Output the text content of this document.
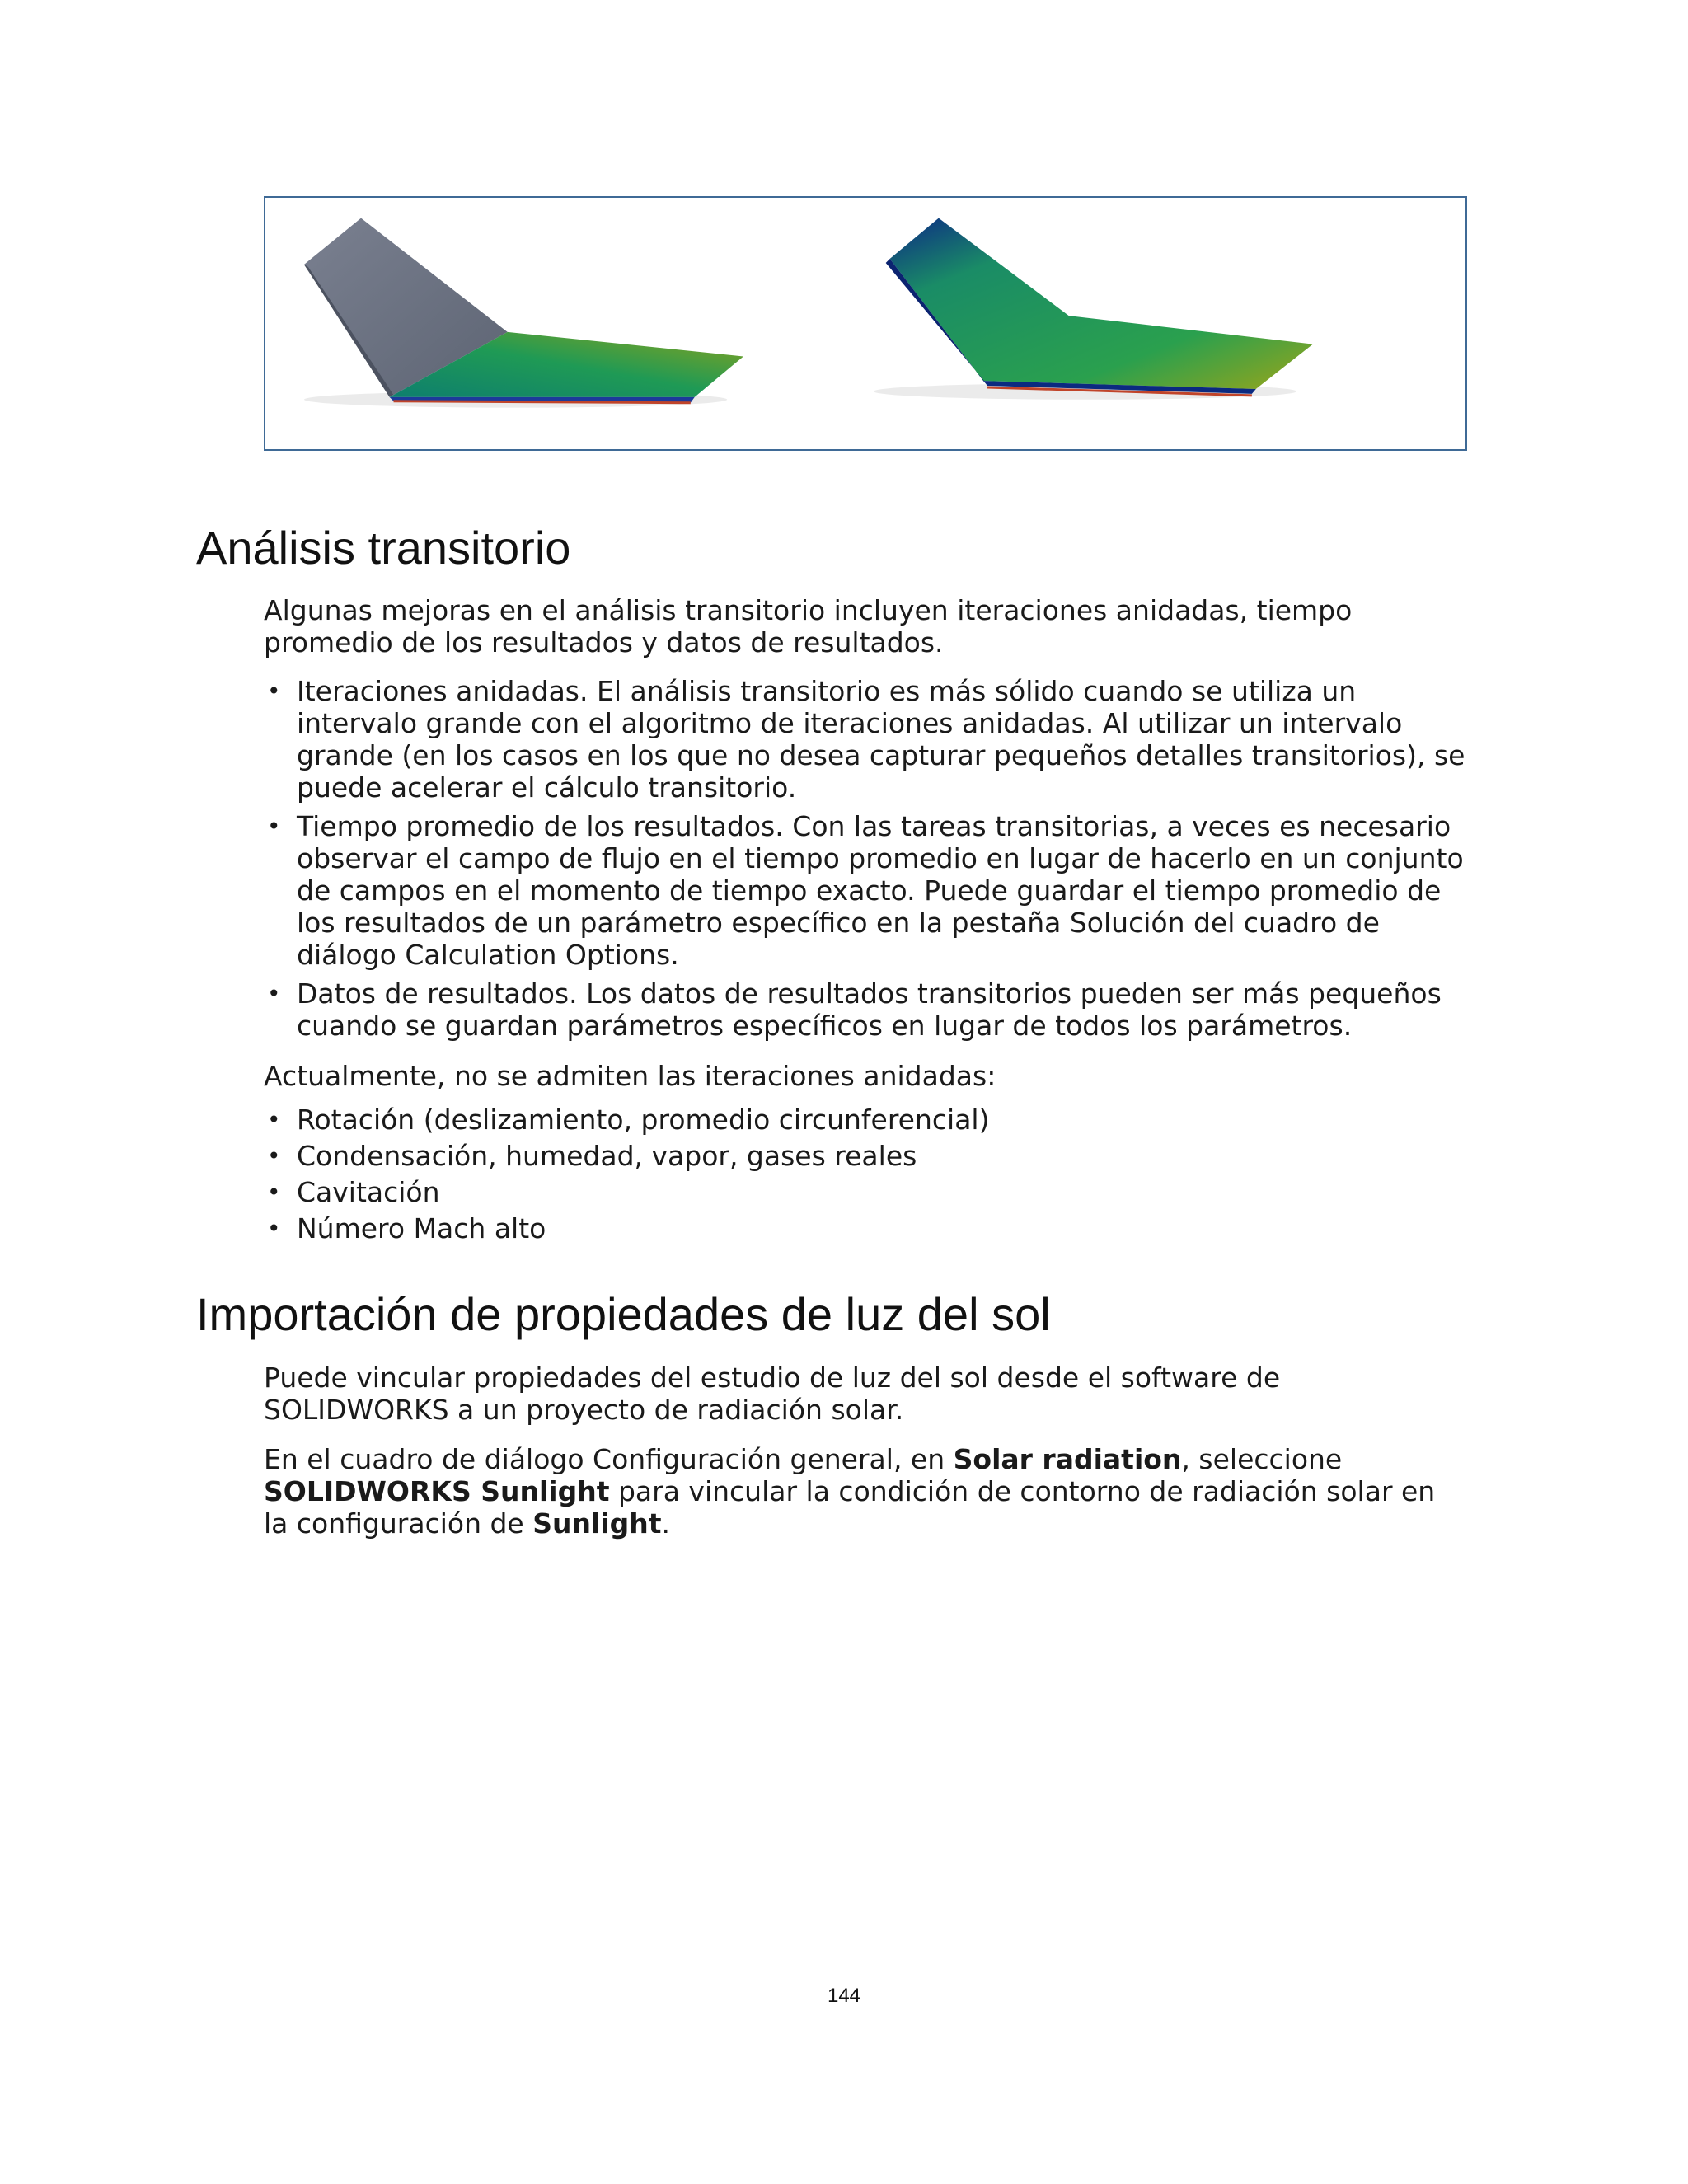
Análisis transitorio

Algunas mejoras en el análisis transitorio incluyen iteraciones anidadas, tiempo promedio de los resultados y datos de resultados.

• Iteraciones anidadas. El análisis transitorio es más sólido cuando se utiliza un intervalo grande con el algoritmo de iteraciones anidadas. Al utilizar un intervalo grande (en los casos en los que no desea capturar pequeños detalles transitorios), se puede acelerar el cálculo transitorio.
• Tiempo promedio de los resultados. Con las tareas transitorias, a veces es necesario observar el campo de flujo en el tiempo promedio en lugar de hacerlo en un conjunto de campos en el momento de tiempo exacto. Puede guardar el tiempo promedio de los resultados de un parámetro específico en la pestaña Solución del cuadro de diálogo Calculation Options.
• Datos de resultados. Los datos de resultados transitorios pueden ser más pequeños cuando se guardan parámetros específicos en lugar de todos los parámetros.

Actualmente, no se admiten las iteraciones anidadas:

• Rotación (deslizamiento, promedio circunferencial)
• Condensación, humedad, vapor, gases reales
• Cavitación
• Número Mach alto
Importación de propiedades de luz del sol

Puede vincular propiedades del estudio de luz del sol desde el software de SOLIDWORKS a un proyecto de radiación solar.

En el cuadro de diálogo Configuración general, en Solar radiation, seleccione SOLIDWORKS Sunlight para vincular la condición de contorno de radiación solar en la configuración de Sunlight.

144
